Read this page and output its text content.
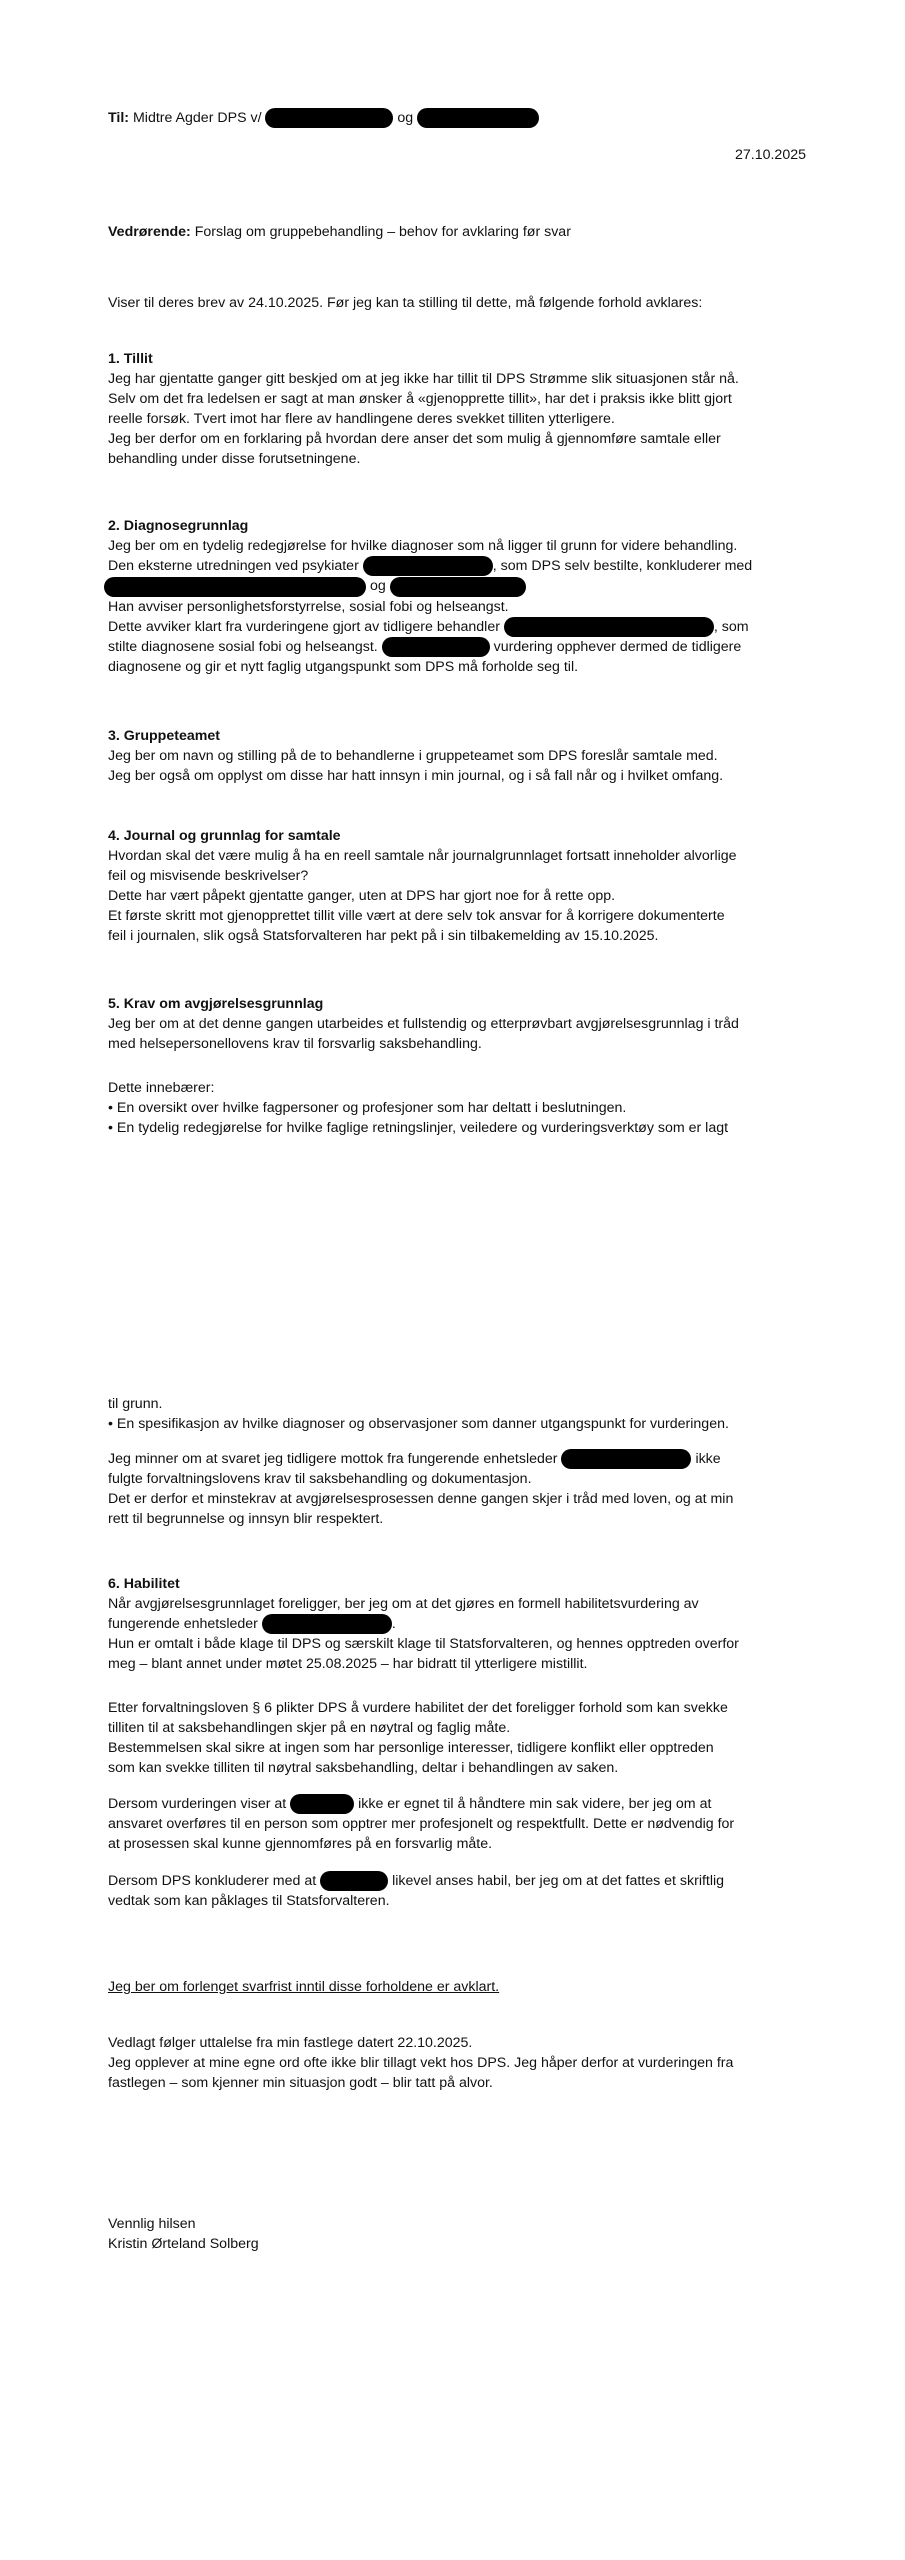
Til: Midtre Agder DPS v/	og

27.10.2025

Vedrørende: Forslag om gruppebehandling – behov for avklaring før svar

Viser til deres brev av 24.10.2025. Før jeg kan ta stilling til dette, må følgende forhold avklares:

1. Tillit

Jeg har gjentatte ganger gitt beskjed om at jeg ikke har tillit til DPS Strømme slik situasjonen står nå.

Selv om det fra ledelsen er sagt at man ønsker å «gjenopprette tillit», har det i praksis ikke blitt gjort

reelle forsøk. Tvert imot har flere av handlingene deres svekket tilliten ytterligere.

Jeg ber derfor om en forklaring på hvordan dere anser det som mulig å gjennomføre samtale eller

behandling under disse forutsetningene.

2. Diagnosegrunnlag

Jeg ber om en tydelig redegjørelse for hvilke diagnoser som nå ligger til grunn for videre behandling.

Den eksterne utredningen ved psykiater	, som DPS selv bestilte, konkluderer med

og

Han avviser personlighetsforstyrrelse, sosial fobi og helseangst.

Dette avviker klart fra vurderingene gjort av tidligere behandler	, som

stilte diagnosene sosial fobi og helseangst.	vurdering opphever dermed de tidligere

diagnosene og gir et nytt faglig utgangspunkt som DPS må forholde seg til.

3. Gruppeteamet

Jeg ber om navn og stilling på de to behandlerne i gruppeteamet som DPS foreslår samtale med.

Jeg ber også om opplyst om disse har hatt innsyn i min journal, og i så fall når og i hvilket omfang.

4. Journal og grunnlag for samtale

Hvordan skal det være mulig å ha en reell samtale når journalgrunnlaget fortsatt inneholder alvorlige

feil og misvisende beskrivelser?

Dette har vært påpekt gjentatte ganger, uten at DPS har gjort noe for å rette opp.

Et første skritt mot gjenopprettet tillit ville vært at dere selv tok ansvar for å korrigere dokumenterte

feil i journalen, slik også Statsforvalteren har pekt på i sin tilbakemelding av 15.10.2025.

5. Krav om avgjørelsesgrunnlag

Jeg ber om at det denne gangen utarbeides et fullstendig og etterprøvbart avgjørelsesgrunnlag i tråd

med helsepersonellovens krav til forsvarlig saksbehandling.

Dette innebærer:

• En oversikt over hvilke fagpersoner og profesjoner som har deltatt i beslutningen.

• En tydelig redegjørelse for hvilke faglige retningslinjer, veiledere og vurderingsverktøy som er lagt

til grunn.

• En spesifikasjon av hvilke diagnoser og observasjoner som danner utgangspunkt for vurderingen.

Jeg minner om at svaret jeg tidligere mottok fra fungerende enhetsleder	ikke

fulgte forvaltningslovens krav til saksbehandling og dokumentasjon.

Det er derfor et minstekrav at avgjørelsesprosessen denne gangen skjer i tråd med loven, og at min

rett til begrunnelse og innsyn blir respektert.

6. Habilitet

Når avgjørelsesgrunnlaget foreligger, ber jeg om at det gjøres en formell habilitetsvurdering av

fungerende enhetsleder	.

Hun er omtalt i både klage til DPS og særskilt klage til Statsforvalteren, og hennes opptreden overfor

meg – blant annet under møtet 25.08.2025 – har bidratt til ytterligere mistillit.

Etter forvaltningsloven § 6 plikter DPS å vurdere habilitet der det foreligger forhold som kan svekke

tilliten til at saksbehandlingen skjer på en nøytral og faglig måte.

Bestemmelsen skal sikre at ingen som har personlige interesser, tidligere konflikt eller opptreden

som kan svekke tilliten til nøytral saksbehandling, deltar i behandlingen av saken.

Dersom vurderingen viser at	ikke er egnet til å håndtere min sak videre, ber jeg om at

ansvaret overføres til en person som opptrer mer profesjonelt og respektfullt. Dette er nødvendig for

at prosessen skal kunne gjennomføres på en forsvarlig måte.

Dersom DPS konkluderer med at	likevel anses habil, ber jeg om at det fattes et skriftlig

vedtak som kan påklages til Statsforvalteren.

Jeg ber om forlenget svarfrist inntil disse forholdene er avklart.

Vedlagt følger uttalelse fra min fastlege datert 22.10.2025.

Jeg opplever at mine egne ord ofte ikke blir tillagt vekt hos DPS. Jeg håper derfor at vurderingen fra

fastlegen – som kjenner min situasjon godt – blir tatt på alvor.

Vennlig hilsen

Kristin Ørteland Solberg
